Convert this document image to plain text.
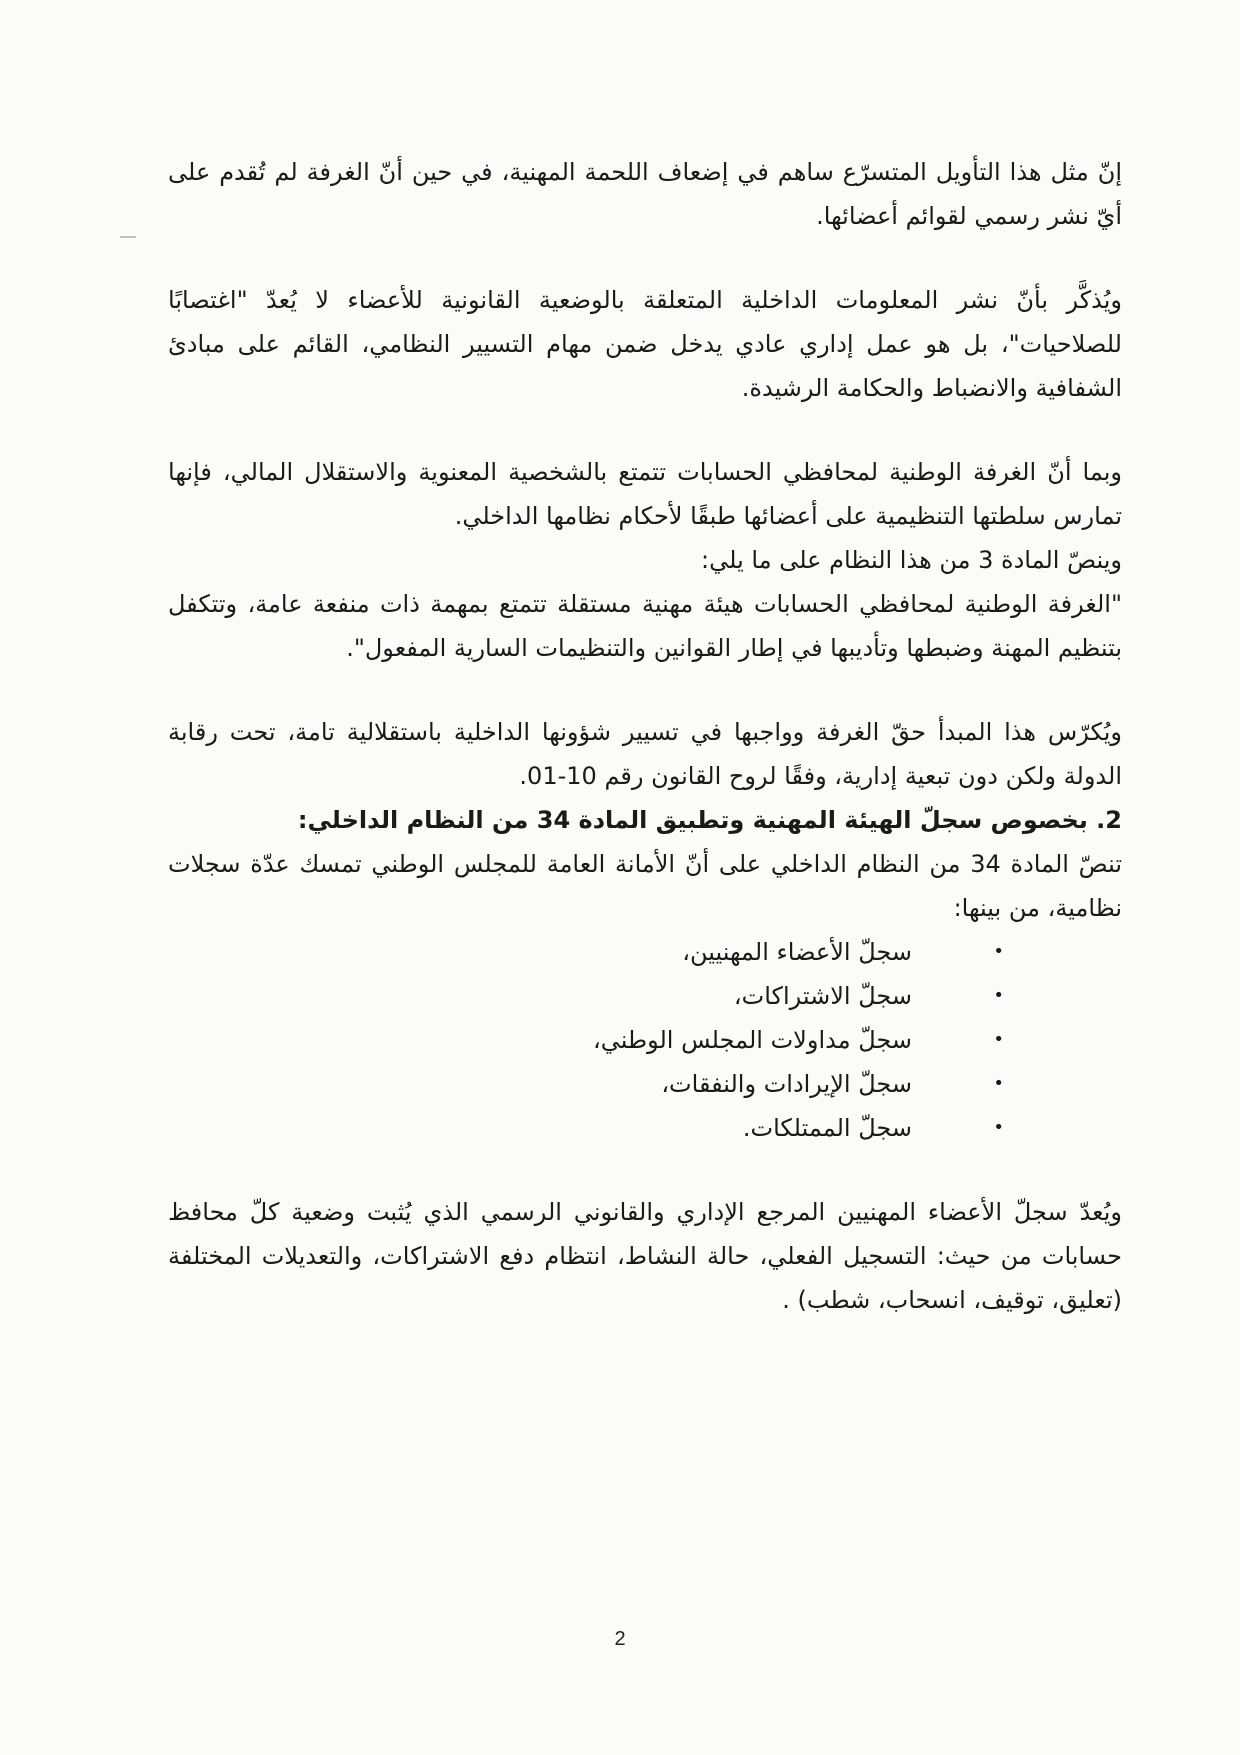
إنّ مثل هذا التأويل المتسرّع ساهم في إضعاف اللحمة المهنية، في حين أنّ الغرفة لم تُقدم على أيّ نشر رسمي لقوائم أعضائها.

ويُذكَّر بأنّ نشر المعلومات الداخلية المتعلقة بالوضعية القانونية للأعضاء لا يُعدّ "اغتصابًا للصلاحيات"، بل هو عمل إداري عادي يدخل ضمن مهام التسيير النظامي، القائم على مبادئ الشفافية والانضباط والحكامة الرشيدة.

وبما أنّ الغرفة الوطنية لمحافظي الحسابات تتمتع بالشخصية المعنوية والاستقلال المالي، فإنها تمارس سلطتها التنظيمية على أعضائها طبقًا لأحكام نظامها الداخلي.

وينصّ المادة 3 من هذا النظام على ما يلي:

"الغرفة الوطنية لمحافظي الحسابات هيئة مهنية مستقلة تتمتع بمهمة ذات منفعة عامة، وتتكفل بتنظيم المهنة وضبطها وتأديبها في إطار القوانين والتنظيمات السارية المفعول".

ويُكرّس هذا المبدأ حقّ الغرفة وواجبها في تسيير شؤونها الداخلية باستقلالية تامة، تحت رقابة الدولة ولكن دون تبعية إدارية، وفقًا لروح القانون رقم 10-01.

2. بخصوص سجلّ الهيئة المهنية وتطبيق المادة 34 من النظام الداخلي:

تنصّ المادة 34 من النظام الداخلي على أنّ الأمانة العامة للمجلس الوطني تمسك عدّة سجلات نظامية، من بينها:

• سجلّ الأعضاء المهنيين،
• سجلّ الاشتراكات،
• سجلّ مداولات المجلس الوطني،
• سجلّ الإيرادات والنفقات،
• سجلّ الممتلكات.

ويُعدّ سجلّ الأعضاء المهنيين المرجع الإداري والقانوني الرسمي الذي يُثبت وضعية كلّ محافظ حسابات من حيث: التسجيل الفعلي، حالة النشاط، انتظام دفع الاشتراكات، والتعديلات المختلفة (تعليق، توقيف، انسحاب، شطب) .

2
